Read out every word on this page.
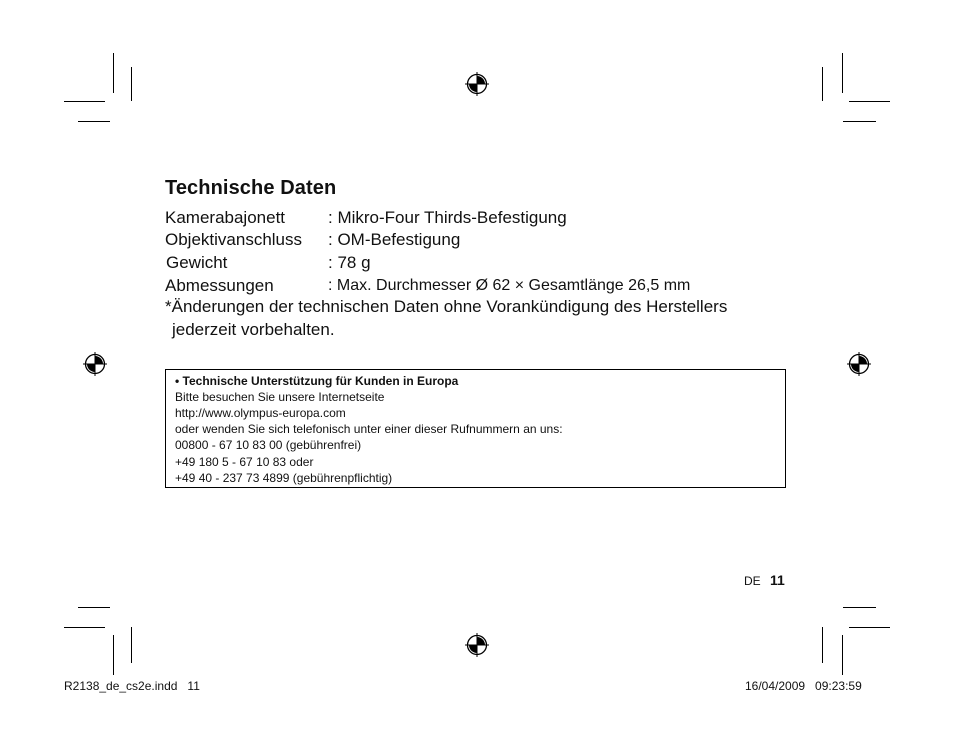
Technische Daten
Kamerabajonett	: Mikro-Four Thirds-Befestigung
Objektivanschluss : OM-Befestigung
Gewicht	: 78 g
Abmessungen	: Max. Durchmesser Ø 62 × Gesamtlänge 26,5 mm
*Änderungen der technischen Daten ohne Vorankündigung des Herstellers
jederzeit vorbehalten.
• Technische Unterstützung für Kunden in Europa
Bitte besuchen Sie unsere Internetseite
http://www.olympus-europa.com
oder wenden Sie sich telefonisch unter einer dieser Rufnummern an uns:
00800 - 67 10 83 00 (gebührenfrei)
+49 180 5 - 67 10 83 oder
+49 40 - 237 73 4899 (gebührenpflichtig)
DE 11
R2138_de_cs2e.indd   11	16/04/2009   09:23:59
